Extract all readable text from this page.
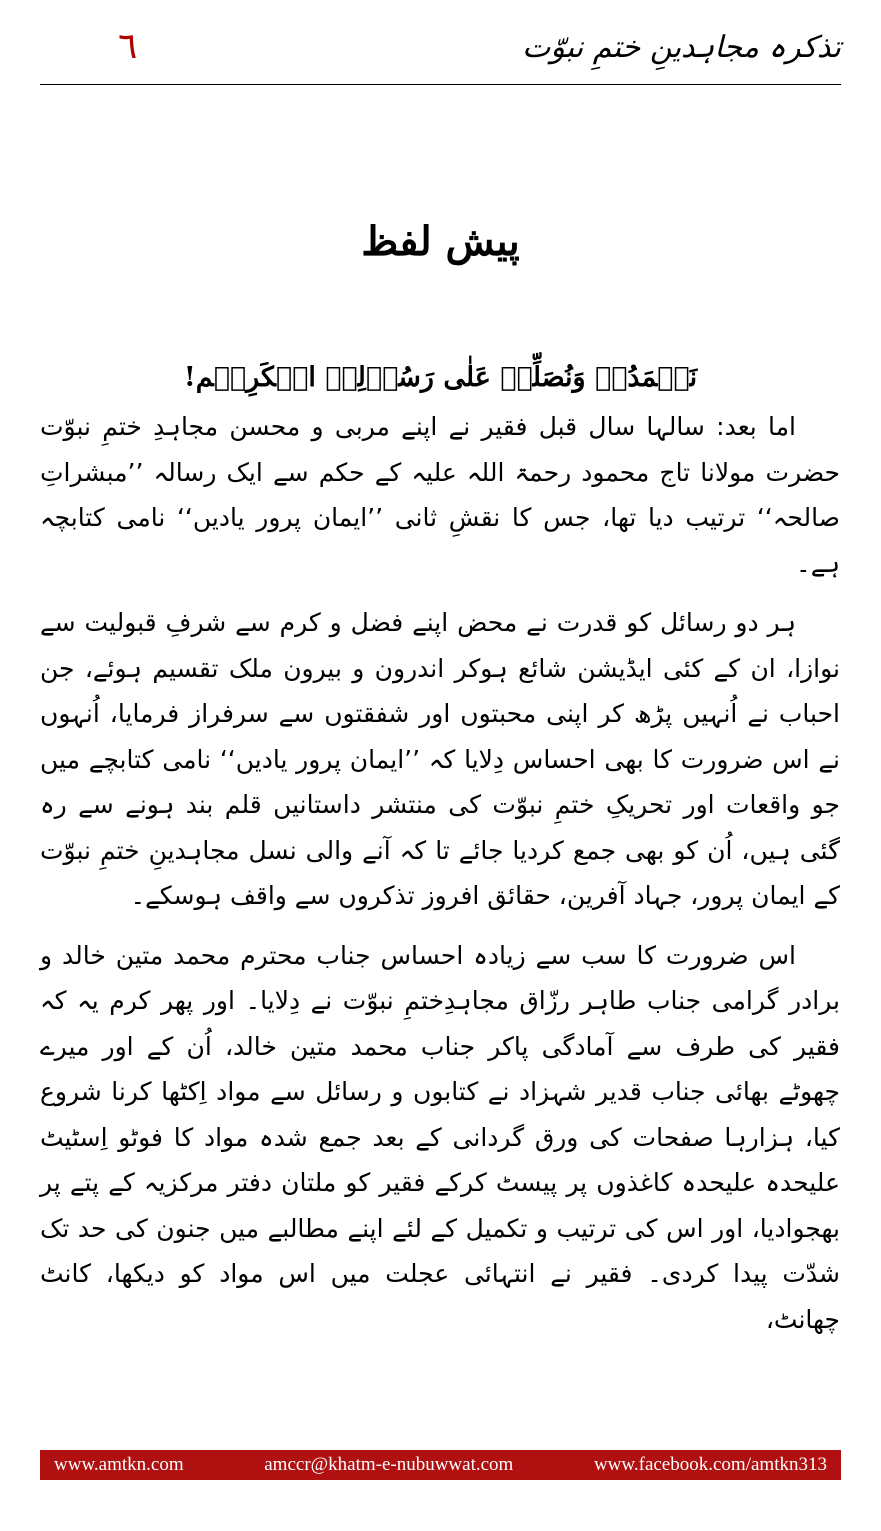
٦	تذکرہ مجاہدینِ ختمِ نبوّت
پیش لفظ
نَحۡمَدُہٗ وَنُصَلِّیۡ عَلٰی رَسُوۡلِہِ الۡکَرِیۡم!

اما بعد: سالہا سال قبل فقیر نے اپنے مربی و محسن مجاہدِ ختمِ نبوّت حضرت مولانا تاج محمود رحمۃ اللہ علیہ کے حکم سے ایک رسالہ ’’مبشراتِ صالحہ‘‘ ترتیب دیا تھا، جس کا نقشِ ثانی ’’ایمان پرور یادیں‘‘ نامی کتابچہ ہے۔

ہر دو رسائل کو قدرت نے محض اپنے فضل و کرم سے شرفِ قبولیت سے نوازا، ان کے کئی ایڈیشن شائع ہوکر اندرون و بیرون ملک تقسیم ہوئے، جن احباب نے اُنہیں پڑھ کر اپنی محبتوں اور شفقتوں سے سرفراز فرمایا، اُنہوں نے اس ضرورت کا بھی احساس دِلایا کہ ’’ایمان پرور یادیں‘‘ نامی کتابچے میں جو واقعات اور تحریکِ ختمِ نبوّت کی منتشر داستانیں قلم بند ہونے سے رہ گئی ہیں، اُن کو بھی جمع کردیا جائے تا کہ آنے والی نسل مجاہدینِ ختمِ نبوّت کے ایمان پرور، جہاد آفرین، حقائق افروز تذکروں سے واقف ہوسکے۔

اس ضرورت کا سب سے زیادہ احساس جناب محترم محمد متین خالد و برادر گرامی جناب طاہر رزّاق مجاہدِختمِ نبوّت نے دِلایا۔ اور پھر کرم یہ کہ فقیر کی طرف سے آمادگی پاکر جناب محمد متین خالد، اُن کے اور میرے چھوٹے بھائی جناب قدیر شہزاد نے کتابوں و رسائل سے مواد اِکٹھا کرنا شروع کیا، ہزارہا صفحات کی ورق گردانی کے بعد جمع شدہ مواد کا فوٹو اِسٹیٹ علیحدہ علیحدہ کاغذوں پر پیسٹ کرکے فقیر کو ملتان دفتر مرکزیہ کے پتے پر بھجوادیا، اور اس کی ترتیب و تکمیل کے لئے اپنے مطالبے میں جنون کی حد تک شدّت پیدا کردی۔ فقیر نے انتہائی عجلت میں اس مواد کو دیکھا، کانٹ چھانٹ،

www.amtkn.com	amccr@khatm-e-nubuwwat.com	www.facebook.com/amtkn313
